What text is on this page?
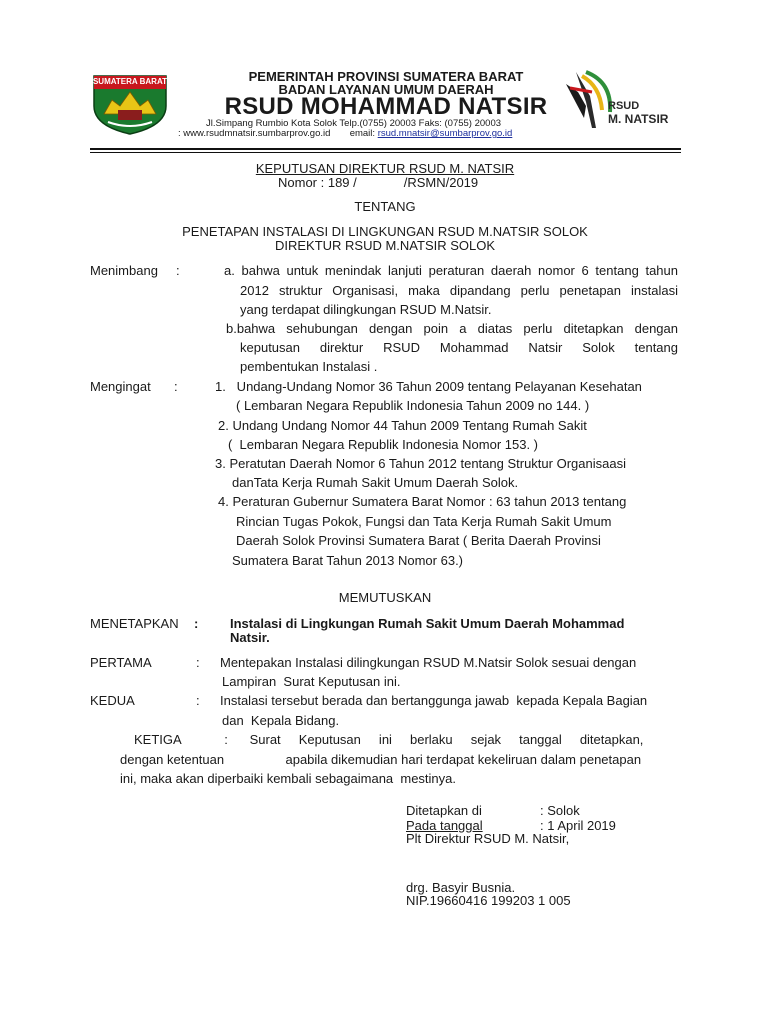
SUMATERA BARAT	PEMERINTAH PROVINSI SUMATERA BARAT
BADAN LAYANAN UMUM DAERAH
RSUD MOHAMMAD NATSIR
Jl.Simpang Rumbio Kota Solok Telp.(0755) 20003 Faks: (0755) 20003
: www.rsudmnatsir.sumbarprov.go.id email: rsud.mnatsir@sumbarprov.go.id
RSUD
M. NATSIR
KEPUTUSAN DIREKTUR RSUD M. NATSIR
Nomor : 189 /             /RSMN/2019
TENTANG
PENETAPAN INSTALASI DI LINGKUNGAN RSUD M.NATSIR SOLOK
DIREKTUR RSUD M.NATSIR SOLOK
Menimbang :	a. bahwa untuk menindak lanjuti peraturan daerah nomor 6 tentang tahun
2012 struktur Organisasi, maka dipandang perlu penetapan instalasi
yang terdapat dilingkungan RSUD M.Natsir.
b.bahwa sehubungan dengan poin a diatas perlu ditetapkan dengan
keputusan direktur RSUD Mohammad Natsir Solok tentang
pembentukan Instalasi .
Mengingat :	1.   Undang-Undang Nomor 36 Tahun 2009 tentang Pelayanan Kesehatan
( Lembaran Negara Republik Indonesia Tahun 2009 no 144. )
2. Undang Undang Nomor 44 Tahun 2009 Tentang Rumah Sakit
(  Lembaran Negara Republik Indonesia Nomor 153. )
3. Peratutan Daerah Nomor 6 Tahun 2012 tentang Struktur Organisaasi
danTata Kerja Rumah Sakit Umum Daerah Solok.
4. Peraturan Gubernur Sumatera Barat Nomor : 63 tahun 2013 tentang
Rincian Tugas Pokok, Fungsi dan Tata Kerja Rumah Sakit Umum
Daerah Solok Provinsi Sumatera Barat ( Berita Daerah Provinsi
Sumatera Barat Tahun 2013 Nomor 63.)
MEMUTUSKAN
MENETAPKAN : Instalasi di Lingkungan Rumah Sakit Umum Daerah Mohammad
Natsir.
PERTAMA	: Mentepakan Instalasi dilingkungan RSUD M.Natsir Solok sesuai dengan
Lampiran  Surat Keputusan ini.
KEDUA	: Instalasi tersebut berada dan bertanggunga jawab  kepada Kepala Bagian
dan  Kepala Bidang.
KETIGA            :      Surat     Keputusan     ini     berlaku     sejak     tanggal     ditetapkan,
dengan ketentuan                 apabila dikemudian hari terdapat kekeliruan dalam penetapan
ini, maka akan diperbaiki kembali sebagaimana  mestinya.
Ditetapkan di	: Solok
Pada tanggal	: 1 April 2019
Plt Direktur RSUD M. Natsir,
drg. Basyir Busnia.
NIP.19660416 199203 1 005
